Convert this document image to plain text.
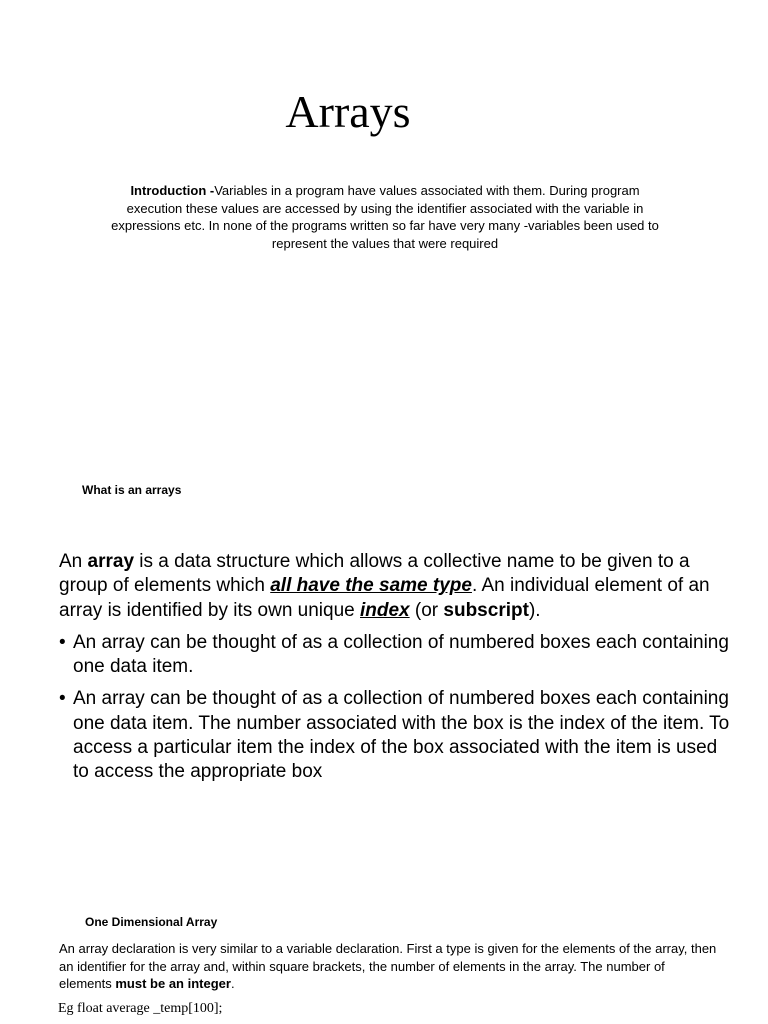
Arrays
Introduction -Variables in a program have values associated with them. During program execution these values are accessed by using the identifier associated with the variable in expressions etc. In none of the programs written so far have very many -variables been used to represent the values that were required
What is an arrays

An array is a data structure which allows a collective name to be given to a group of elements which all have the same type. An individual element of an array is identified by its own unique index (or subscript).

• An array can be thought of as a collection of numbered boxes each containing one data item.
• An array can be thought of as a collection of numbered boxes each containing one data item. The number associated with the box is the index of the item. To access a particular item the index of the box associated with the item is used to access the appropriate box
One Dimensional Array
An array declaration is very similar to a variable declaration. First a type is given for the elements of the array, then an identifier for the array and, within square brackets, the number of elements in the array. The number of elements must be an integer.
Eg float average _temp[100];
